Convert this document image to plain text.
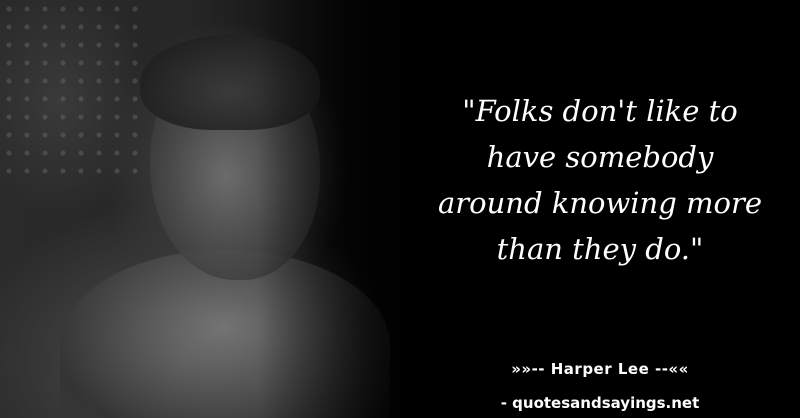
"Folks don't like to have somebody around knowing more than they do."

»»-- Harper Lee --««
- quotesandsayings.net
